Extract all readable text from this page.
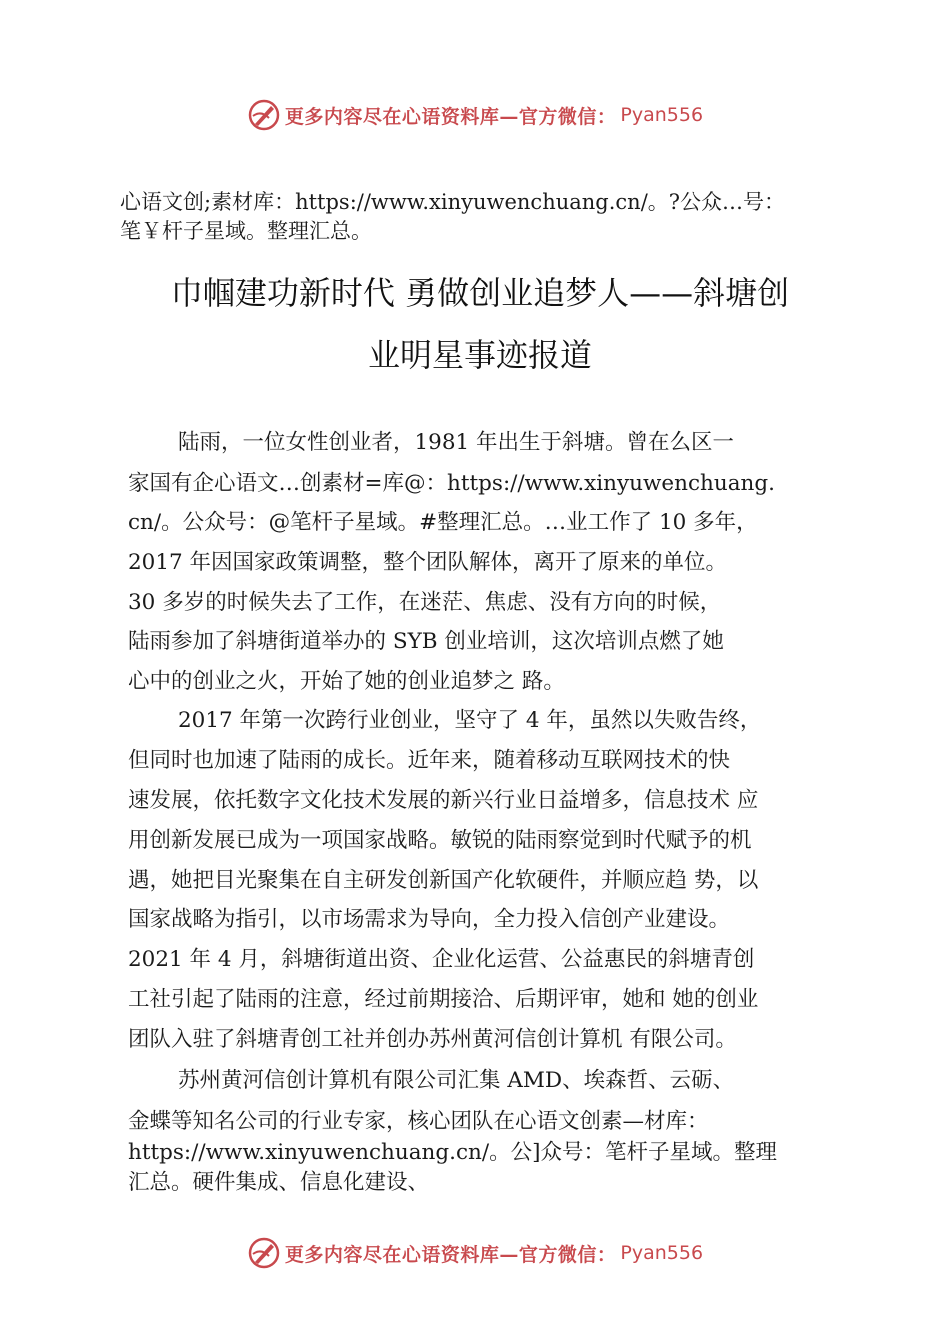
更多内容尽在心语资料库—官方微信： Pyan556
心语文创;素材库：https://www.xinyuwenchuang.cn/。?公众…号：
笔￥杆子星域。整理汇总。
巾帼建功新时代 勇做创业追梦人——斜塘创
业明星事迹报道
陆雨，一位女性创业者，1981 年出生于斜塘。曾在么区一
家国有企心语文…创素材=库@：https://www.xinyuwenchuang.
cn/。公众号：@笔杆子星域。#整理汇总。…业工作了 10 多年，
2017 年因国家政策调整，整个团队解体，离开了原来的单位。
30 多岁的时候失去了工作，在迷茫、焦虑、没有方向的时候，
陆雨参加了斜塘街道举办的 SYB 创业培训，这次培训点燃了她
心中的创业之火，开始了她的创业追梦之 路。
2017 年第一次跨行业创业，坚守了 4 年，虽然以失败告终，
但同时也加速了陆雨的成长。近年来，随着移动互联网技术的快
速发展，依托数字文化技术发展的新兴行业日益增多，信息技术 应
用创新发展已成为一项国家战略。敏锐的陆雨察觉到时代赋予的机
遇，她把目光聚集在自主研发创新国产化软硬件，并顺应趋 势，以
国家战略为指引，以市场需求为导向，全力投入信创产业建设。
2021 年 4 月，斜塘街道出资、企业化运营、公益惠民的斜塘青创
工社引起了陆雨的注意，经过前期接洽、后期评审，她和 她的创业
团队入驻了斜塘青创工社并创办苏州黄河信创计算机 有限公司。
苏州黄河信创计算机有限公司汇集 AMD、埃森哲、云砺、
金蝶等知名公司的行业专家，核心团队在心语文创素—材库：
https://www.xinyuwenchuang.cn/。公]众号：笔杆子星域。整理
汇总。硬件集成、信息化建设、
更多内容尽在心语资料库—官方微信： Pyan556
